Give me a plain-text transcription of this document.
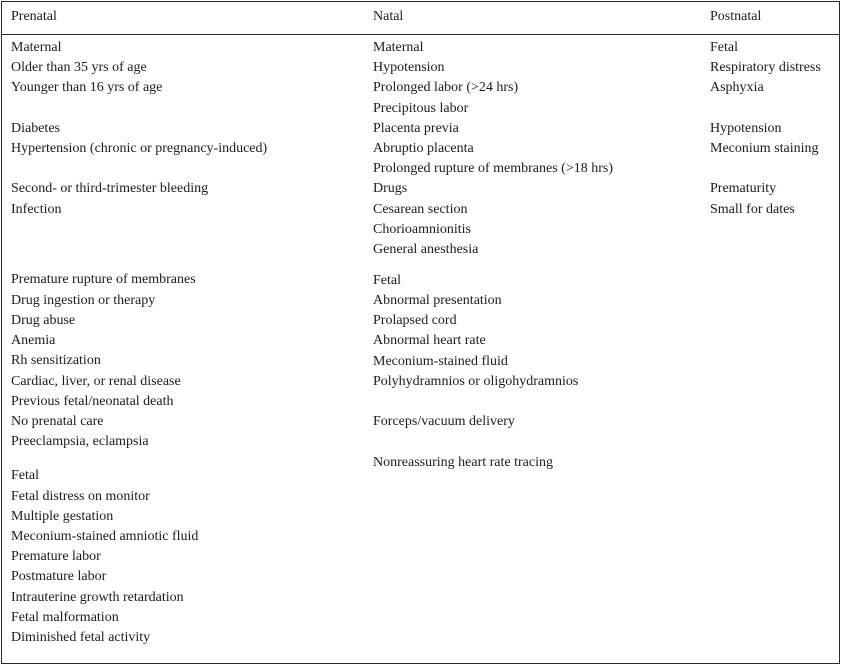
Prenatal	Natal	Postnatal
Maternal
Older than 35 yrs of age
Younger than 16 yrs of age
Diabetes
Hypertension (chronic or pregnancy-induced)
Second- or third-trimester bleeding
Infection
Premature rupture of membranes
Drug ingestion or therapy
Drug abuse
Anemia
Rh sensitization
Cardiac, liver, or renal disease
Previous fetal/neonatal death
No prenatal care
Preeclampsia, eclampsia
Fetal
Fetal distress on monitor
Multiple gestation
Meconium-stained amniotic fluid
Premature labor
Postmature labor
Intrauterine growth retardation
Fetal malformation
Diminished fetal activity
Maternal
Hypotension
Prolonged labor (>24 hrs)
Precipitous labor
Placenta previa
Abruptio placenta
Prolonged rupture of membranes (>18 hrs)
Drugs
Cesarean section
Chorioamnionitis
General anesthesia
Fetal
Abnormal presentation
Prolapsed cord
Abnormal heart rate
Meconium-stained fluid
Polyhydramnios or oligohydramnios
Forceps/vacuum delivery
Nonreassuring heart rate tracing
Fetal
Respiratory distress
Asphyxia
Hypotension
Meconium staining
Prematurity
Small for dates
